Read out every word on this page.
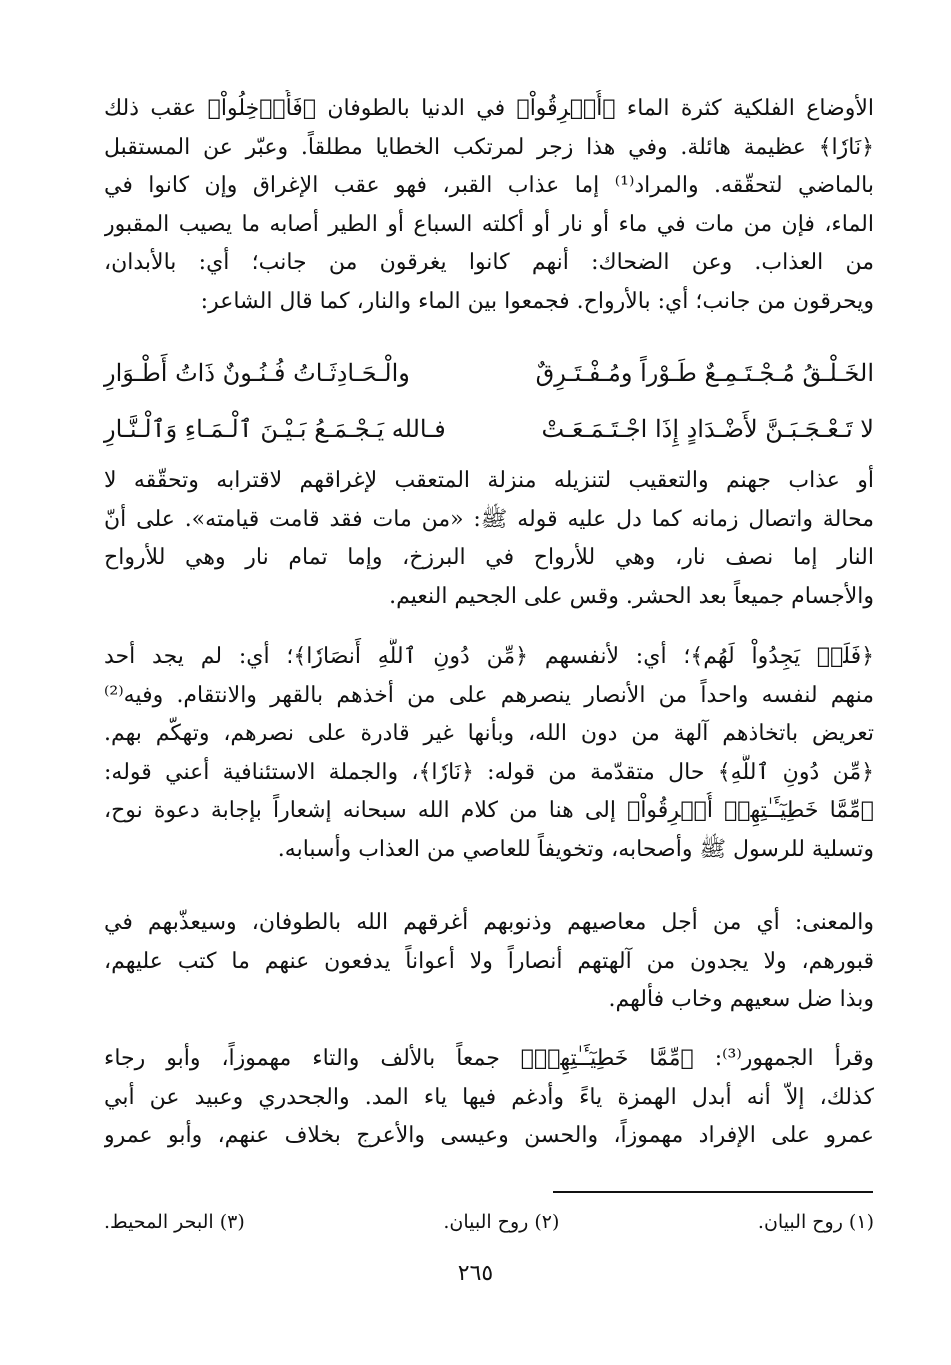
الأوضاع الفلكية كثرة الماء ﴿أُغۡرِقُواْ﴾ في الدنيا بالطوفان ﴿فَأُدۡخِلُواْ﴾ عقب ذلك
﴿نَارٗا﴾ عظيمة هائلة. وفي هذا زجر لمرتكب الخطايا مطلقاً. وعبّر عن المستقبل
بالماضي لتحقّقه. والمراد⁽¹⁾ إما عذاب القبر، فهو عقب الإغراق وإن كانوا في
الماء، فإن من مات في ماء أو نار أو أكلته السباع أو الطير أصابه ما يصيب المقبور
من العذاب. وعن الضحاك: أنهم كانوا يغرقون من جانب؛ أي: بالأبدان،
ويحرقون من جانب؛ أي: بالأرواح. فجمعوا بين الماء والنار، كما قال الشاعر:
الخَـلْـقُ مُـجْـتَـمِـعٌ طَـوْراً ومُـفْـتَـرِقٌ
والْـحَـادِثَـاتُ فُـنُـونٌ ذَاتُ أَطْـوَارِ
لا تَـعْـجَـبَـنَّ لأَضْـدَادٍ إِذَا اجْـتَـمَـعَـتْ
فـالله يَـجْـمَـعُ بَـيْـنَ ٱلْـمَـاءِ وَٱلْـنَّـارِ
أو عذاب جهنم والتعقيب لتنزيله منزلة المتعقب لإغراقهم لاقترابه وتحقّقه لا
محالة واتصال زمانه كما دل عليه قوله ﷺ: «من مات فقد قامت قيامته». على أنّ
النار إما نصف نار، وهي للأرواح في البرزخ، وإما تمام نار وهي للأرواح
والأجسام جميعاً بعد الحشر. وقس على الجحيم النعيم.
﴿فَلَمۡ يَجِدُواْ لَهُم﴾؛ أي: لأنفسهم ﴿مِّن دُونِ ٱللَّهِ أَنصَارٗا﴾؛ أي: لم يجد أحد
منهم لنفسه واحداً من الأنصار ينصرهم على من أخذهم بالقهر والانتقام. وفيه⁽²⁾
تعريض باتخاذهم آلهة من دون الله، وبأنها غير قادرة على نصرهم، وتهكّم بهم.
﴿مِّن دُونِ ٱللَّهِ﴾ حال متقدّمة من قوله: ﴿نَارٗا﴾، والجملة الاستئنافية أعني قوله:
﴿مِّمَّا خَطِيٓـَٔـٰتِهِمۡ أُغۡرِقُواْ﴾ إلى هنا من كلام الله سبحانه إشعاراً بإجابة دعوة نوح،
وتسلية للرسول ﷺ وأصحابه، وتخويفاً للعاصي من العذاب وأسبابه.
والمعنى: أي من أجل معاصيهم وذنوبهم أغرقهم الله بالطوفان، وسيعذّبهم في
قبورهم، ولا يجدون من آلهتهم أنصاراً ولا أعواناً يدفعون عنهم ما كتب عليهم،
وبذا ضل سعيهم وخاب فألهم.
وقرأ الجمهور⁽³⁾: ﴿مِّمَّا خَطِيٓـَٔـٰتِهِمۡ﴾ جمعاً بالألف والتاء مهموزاً، وأبو رجاء
كذلك، إلاّ أنه أبدل الهمزة ياءً وأدغم فيها ياء المد. والجحدري وعبيد عن أبي
عمرو على الإفراد مهموزاً، والحسن وعيسى والأعرج بخلاف عنهم، وأبو عمرو
(١) روح البيان.
(٢) روح البيان.
(٣) البحر المحيط.
٢٦٥
